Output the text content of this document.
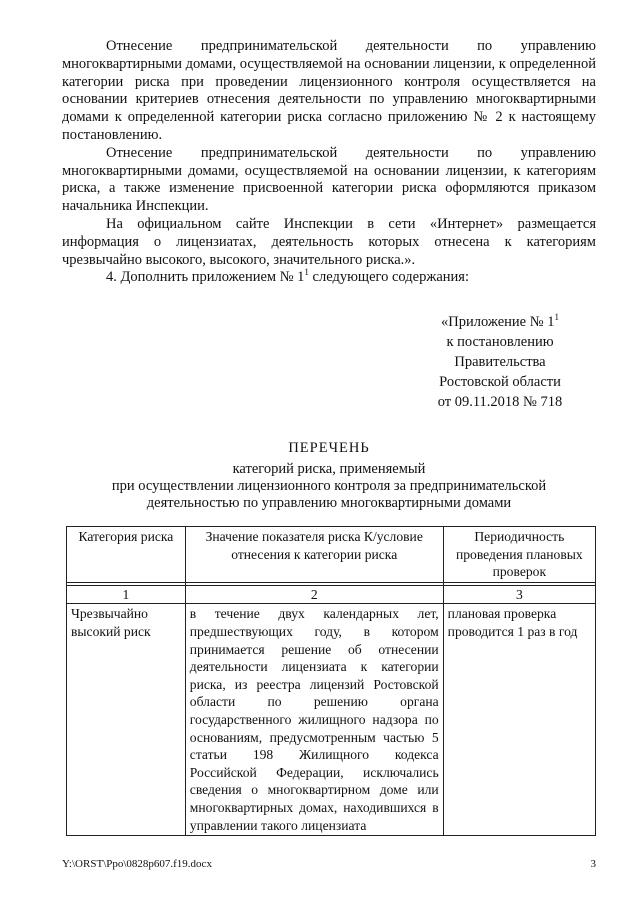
Отнесение предпринимательской деятельности по управлению многоквартирными домами, осуществляемой на основании лицензии, к определенной категории риска при проведении лицензионного контроля осуществляется на основании критериев отнесения деятельности по управлению многоквартирными домами к определенной категории риска согласно приложению № 2 к настоящему постановлению.

Отнесение предпринимательской деятельности по управлению многоквартирными домами, осуществляемой на основании лицензии, к категориям риска, а также изменение присвоенной категории риска оформляются приказом начальника Инспекции.

На официальном сайте Инспекции в сети «Интернет» размещается информация о лицензиатах, деятельность которых отнесена к категориям чрезвычайно высокого, высокого, значительного риска.».

4. Дополнить приложением № $1^1$ следующего содержания:

«Приложение № $1^1$
к постановлению
Правительства
Ростовской области
от 09.11.2018 № 718
ПЕРЕЧЕНЬ
категорий риска, применяемый
при осуществлении лицензионного контроля за предпринимательской
деятельностью по управлению многоквартирными домами
Категория риска	Значение показателя риска К/условие отнесения к категории риска	Периодичность проведения плановых проверок

1	2	3
Чрезвычайно высокий риск	в течение двух календарных лет, предшествующих году, в котором принимается решение об отнесении деятельности лицензиата к категории риска, из реестра лицензий Ростовской области по решению органа государственного жилищного надзора по основаниям, предусмотренным частью 5 статьи 198 Жилищного кодекса Российской Федерации, исключались сведения о многоквартирном доме или многоквартирных домах, находившихся в управлении такого лицензиата	плановая проверка проводится 1 раз в год
Y:\ORST\Ppo\0828p607.f19.docx	3
